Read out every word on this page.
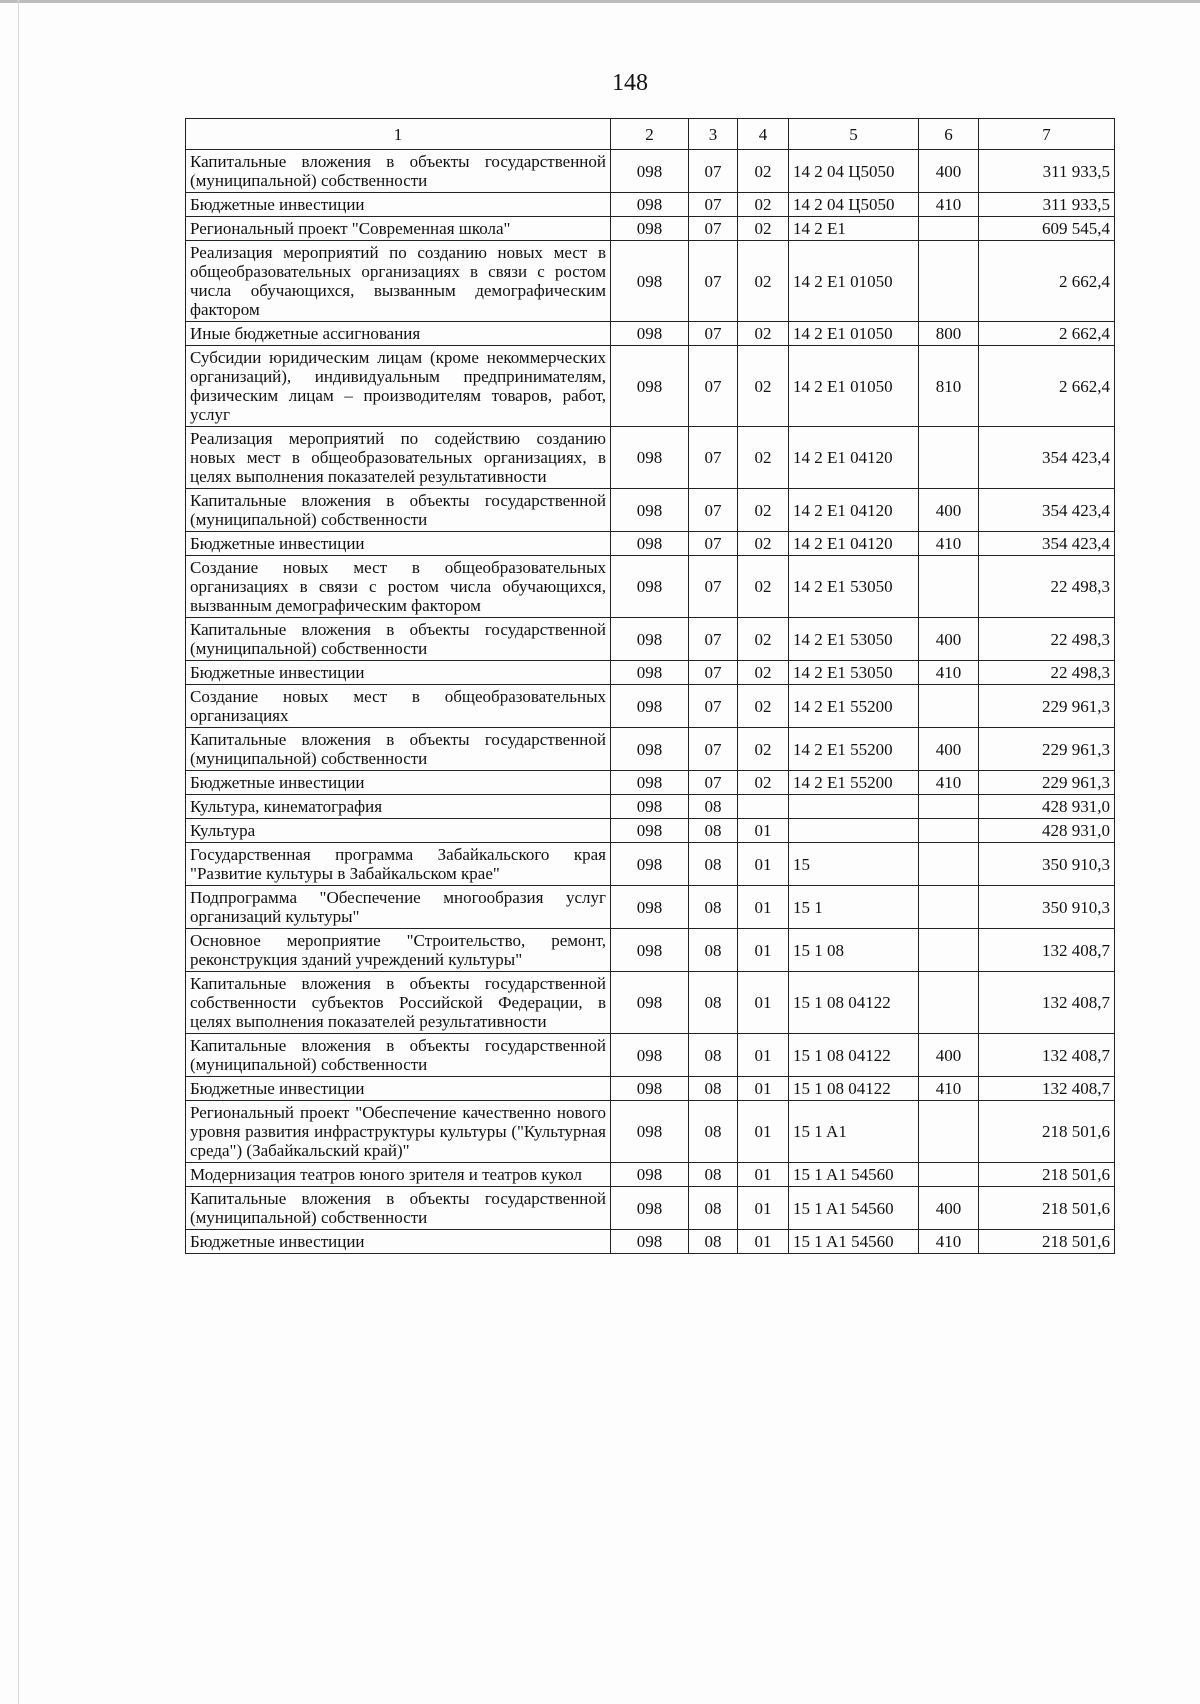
148
1	2	3	4	5	6	7
Капитальные вложения в объекты государственной (муниципальной) собственности	098	07	02	14 2 04 Ц5050	400	311 933,5
Бюджетные инвестиции	098	07	02	14 2 04 Ц5050	410	311 933,5
Региональный проект "Современная школа"	098	07	02	14 2 E1		609 545,4
Реализация мероприятий по созданию новых мест в общеобразовательных организациях в связи с ростом числа обучающихся, вызванным демографическим фактором	098	07	02	14 2 E1 01050		2 662,4
Иные бюджетные ассигнования	098	07	02	14 2 E1 01050	800	2 662,4
Субсидии юридическим лицам (кроме некоммерческих организаций), индивидуальным предпринимателям, физическим лицам – производителям товаров, работ, услуг	098	07	02	14 2 E1 01050	810	2 662,4
Реализация мероприятий по содействию созданию новых мест в общеобразовательных организациях, в целях выполнения показателей результативности	098	07	02	14 2 E1 04120		354 423,4
Капитальные вложения в объекты государственной (муниципальной) собственности	098	07	02	14 2 E1 04120	400	354 423,4
Бюджетные инвестиции	098	07	02	14 2 E1 04120	410	354 423,4
Создание новых мест в общеобразовательных организациях в связи с ростом числа обучающихся, вызванным демографическим фактором	098	07	02	14 2 E1 53050		22 498,3
Капитальные вложения в объекты государственной (муниципальной) собственности	098	07	02	14 2 E1 53050	400	22 498,3
Бюджетные инвестиции	098	07	02	14 2 E1 53050	410	22 498,3
Создание новых мест в общеобразовательных организациях	098	07	02	14 2 E1 55200		229 961,3
Капитальные вложения в объекты государственной (муниципальной) собственности	098	07	02	14 2 E1 55200	400	229 961,3
Бюджетные инвестиции	098	07	02	14 2 E1 55200	410	229 961,3
Культура, кинематография	098	08				428 931,0
Культура	098	08	01			428 931,0
Государственная программа Забайкальского края "Развитие культуры в Забайкальском крае"	098	08	01	15		350 910,3
Подпрограмма "Обеспечение многообразия услуг организаций культуры"	098	08	01	15 1		350 910,3
Основное мероприятие "Строительство, ремонт, реконструкция зданий учреждений культуры"	098	08	01	15 1 08		132 408,7
Капитальные вложения в объекты государственной собственности субъектов Российской Федерации, в целях выполнения показателей результативности	098	08	01	15 1 08 04122		132 408,7
Капитальные вложения в объекты государственной (муниципальной) собственности	098	08	01	15 1 08 04122	400	132 408,7
Бюджетные инвестиции	098	08	01	15 1 08 04122	410	132 408,7
Региональный проект "Обеспечение качественно нового уровня развития инфраструктуры культуры ("Культурная среда") (Забайкальский край)"	098	08	01	15 1 A1		218 501,6
Модернизация театров юного зрителя и театров кукол	098	08	01	15 1 A1 54560		218 501,6
Капитальные вложения в объекты государственной (муниципальной) собственности	098	08	01	15 1 A1 54560	400	218 501,6
Бюджетные инвестиции	098	08	01	15 1 A1 54560	410	218 501,6
